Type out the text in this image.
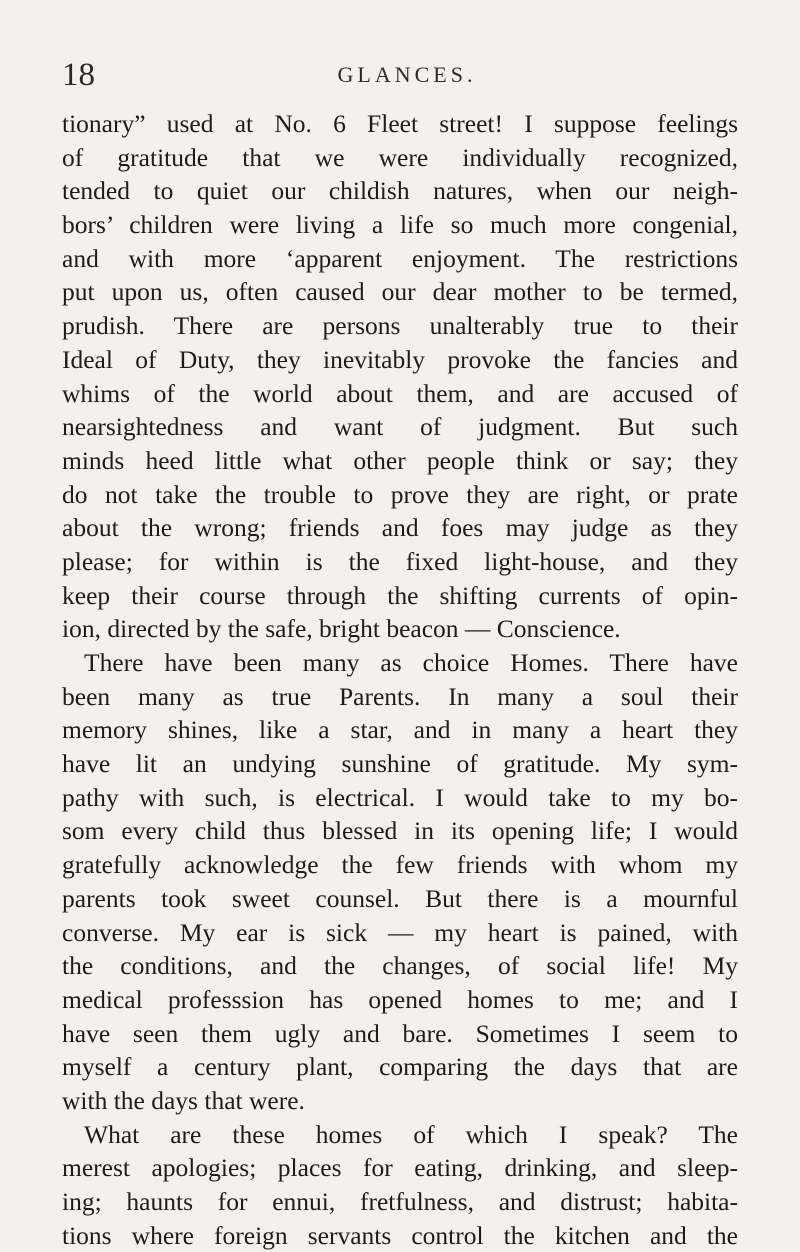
18	GLANCES.
tionary” used at No. 6 Fleet street! I suppose feelings
of gratitude that we were individually recognized,
tended to quiet our childish natures, when our neigh-
bors’ children were living a life so much more congenial,
and with more ‘apparent enjoyment. The restrictions
put upon us, often caused our dear mother to be termed,
prudish. There are persons unalterably true to their
Ideal of Duty, they inevitably provoke the fancies and
whims of the world about them, and are accused of
nearsightedness and want of judgment. But such
minds heed little what other people think or say; they
do not take the trouble to prove they are right, or prate
about the wrong; friends and foes may judge as they
please; for within is the fixed light-house, and they
keep their course through the shifting currents of opin-
ion, directed by the safe, bright beacon — Conscience.
There have been many as choice Homes. There have
been many as true Parents. In many a soul their
memory shines, like a star, and in many a heart they
have lit an undying sunshine of gratitude. My sym-
pathy with such, is electrical. I would take to my bo-
som every child thus blessed in its opening life; I would
gratefully acknowledge the few friends with whom my
parents took sweet counsel. But there is a mournful
converse. My ear is sick — my heart is pained, with
the conditions, and the changes, of social life! My
medical professsion has opened homes to me; and I
have seen them ugly and bare. Sometimes I seem to
myself a century plant, comparing the days that are
with the days that were.
What are these homes of which I speak? The
merest apologies; places for eating, drinking, and sleep-
ing; haunts for ennui, fretfulness, and distrust; habita-
tions where foreign servants control the kitchen and the
